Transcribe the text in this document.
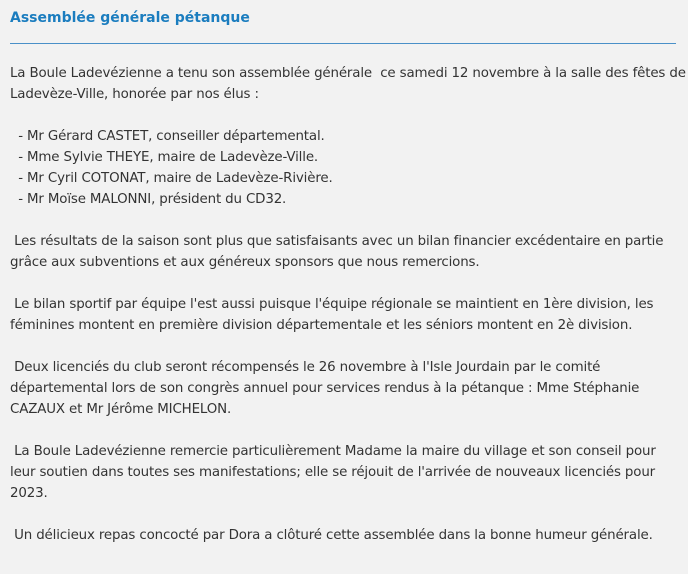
Assemblée générale pétanque

La Boule Ladevézienne a tenu son assemblée générale  ce samedi 12 novembre à la salle des fêtes de
Ladevèze-Ville, honorée par nos élus :

- Mr Gérard CASTET, conseiller départemental.
- Mme Sylvie THEYE, maire de Ladevèze-Ville.
- Mr Cyril COTONAT, maire de Ladevèze-Rivière.
- Mr Moïse MALONNI, président du CD32.

Les résultats de la saison sont plus que satisfaisants avec un bilan financier excédentaire en partie
grâce aux subventions et aux généreux sponsors que nous remercions.

Le bilan sportif par équipe l'est aussi puisque l'équipe régionale se maintient en 1ère division, les
féminines montent en première division départementale et les séniors montent en 2è division.

Deux licenciés du club seront récompensés le 26 novembre à l'Isle Jourdain par le comité
départemental lors de son congrès annuel pour services rendus à la pétanque : Mme Stéphanie
CAZAUX et Mr Jérôme MICHELON.

La Boule Ladevézienne remercie particulièrement Madame la maire du village et son conseil pour
leur soutien dans toutes ses manifestations; elle se réjouit de l'arrivée de nouveaux licenciés pour
2023.

Un délicieux repas concocté par Dora a clôturé cette assemblée dans la bonne humeur générale.
